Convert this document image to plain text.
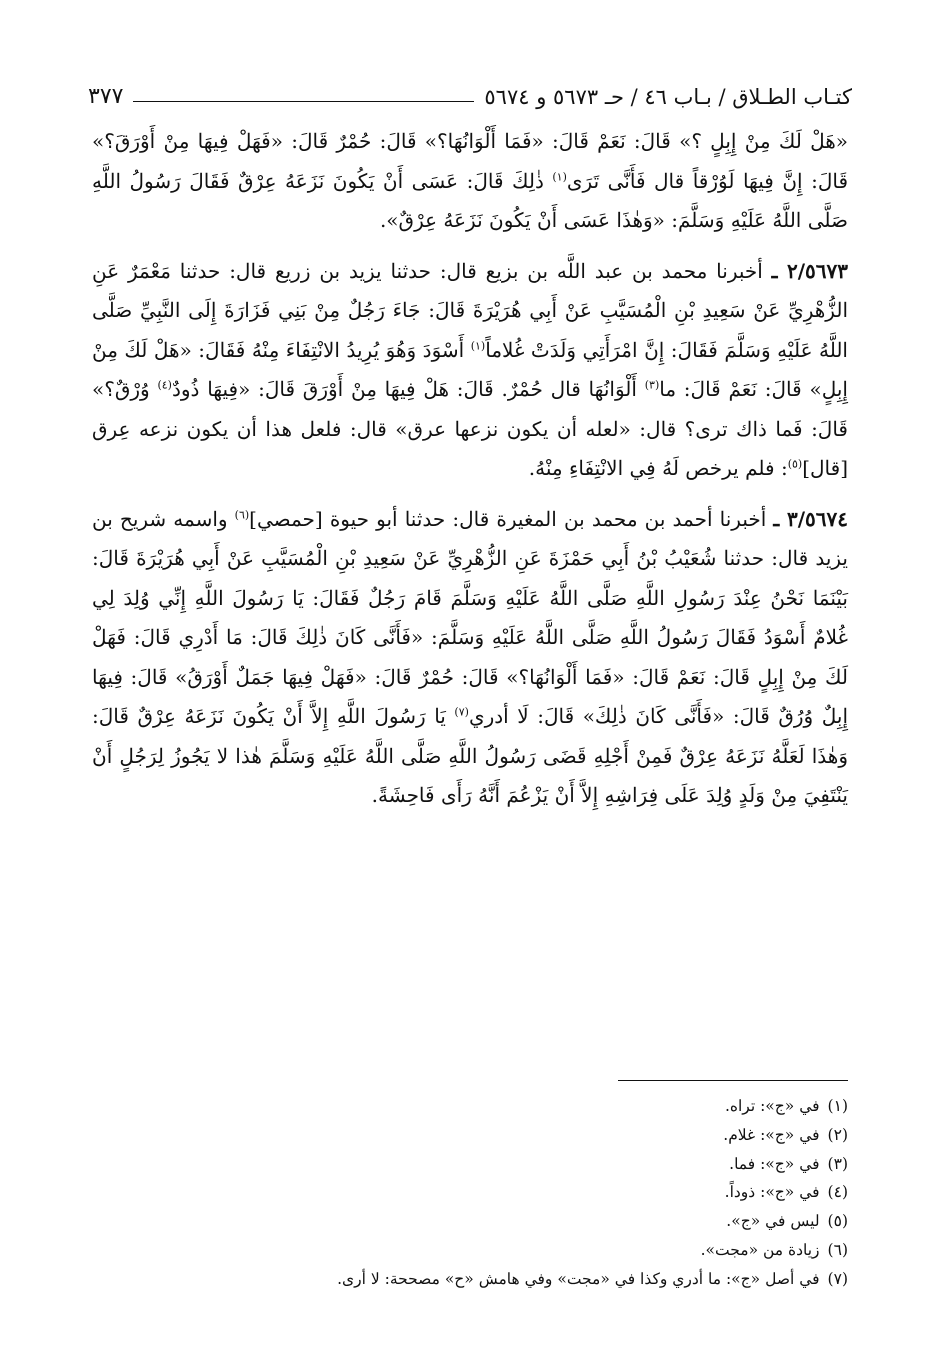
كتـاب الطـلاق / بـاب ٤٦ / حـ ٥٦٧٣ و ٥٦٧٤
٣٧٧

«هَلْ لَكَ مِنْ إِبِلٍ ؟» قَالَ: نَعَمْ قَالَ: «فَمَا أَلْوَانُهَا؟» قَالَ: حُمْرٌ قَالَ: «فَهَلْ فِيهَا مِنْ أَوْرَقَ؟» قَالَ: إِنَّ فِيهَا لَوُرْقاً قال فَأَنَّى تَرَى$^{(١)}$ ذٰلِكَ قَالَ: عَسَى أَنْ يَكُونَ نَزَعَهُ عِرْقٌ فَقَالَ رَسُولُ اللَّهِ صَلَّى اللَّهُ عَلَيْهِ وَسَلَّمَ: «وَهٰذَا عَسَى أَنْ يَكُونَ نَزَعَهُ عِرْقٌ».

٢/٥٦٧٣ ـ أخبرنا محمد بن عبد اللَّه بن بزيع قال: حدثنا يزيد بن زريع قال: حدثنا مَعْمَرٌ عَنِ الزُّهْرِيِّ عَنْ سَعِيدِ بْنِ الْمُسَيَّبِ عَنْ أَبِي هُرَيْرَةَ قَالَ: جَاءَ رَجُلٌ مِنْ بَنِي فَزَارَةَ إِلَى النَّبِيِّ صَلَّى اللَّهُ عَلَيْهِ وَسَلَّمَ فَقَالَ: إِنَّ امْرَأَتِي وَلَدَتْ غُلاماً$^{(١)}$ أَسْوَدَ وَهُوَ يُرِيدُ الانْتِفَاءَ مِنْهُ فَقَالَ: «هَلْ لَكَ مِنْ إِبِلٍ» قَالَ: نَعَمْ قَالَ: ما$^{(٣)}$ أَلْوَانُهَا قال حُمْرٌ. قَالَ: هَلْ فِيهَا مِنْ أَوْرَقَ قَالَ: «فِيهَا ذُودٌ$^{(٤)}$ وُرْقٌ؟» قَالَ: فَما ذاك ترى؟ قال: «لعله أن يكون نزعها عرق» قال: فلعل هذا أن يكون نزعه عِرق [قال]$^{(٥)}$: فلم يرخص لَهُ فِي الانْتِفَاءِ مِنْهُ.

٣/٥٦٧٤ ـ أخبرنا أحمد بن محمد بن المغيرة قال: حدثنا أبو حيوة [حمصي]$^{(٦)}$ واسمه شريح بن يزيد قال: حدثنا شُعَيْبُ بْنُ أَبِي حَمْزَةَ عَنِ الزُّهْرِيِّ عَنْ سَعِيدِ بْنِ الْمُسَيَّبِ عَنْ أَبِي هُرَيْرَةَ قَالَ: بَيْنَمَا نَحْنُ عِنْدَ رَسُولِ اللَّهِ صَلَّى اللَّهُ عَلَيْهِ وَسَلَّمَ قَامَ رَجُلٌ فَقَالَ: يَا رَسُولَ اللَّهِ إِنِّي وُلِدَ لِي غُلامٌ أَسْوَدُ فَقَالَ رَسُولُ اللَّهِ صَلَّى اللَّهُ عَلَيْهِ وَسَلَّمَ: «فَأَنَّى كَانَ ذٰلِكَ قَالَ: مَا أَدْرِي قَالَ: فَهَلْ لَكَ مِنْ إِبِلٍ قَالَ: نَعَمْ قَالَ: «فَمَا أَلْوَانُهَا؟» قَالَ: حُمْرٌ قَالَ: «فَهَلْ فِيهَا جَمَلٌ أَوْرَقُ» قَالَ: فِيهَا إِبِلٌ وُرُقٌ قَالَ: «فَأَنَّى كَانَ ذٰلِكَ» قَالَ: لَا أدري$^{(٧)}$ يَا رَسُولَ اللَّهِ إِلاَّ أَنْ يَكُونَ نَزَعَهُ عِرْقٌ قَالَ: وَهٰذَا لَعَلَّهُ نَزَعَهُ عِرْقٌ فَمِنْ أَجْلِهِ قَضَى رَسُولُ اللَّهِ صَلَّى اللَّهُ عَلَيْهِ وَسَلَّمَ هٰذا لا يَجُوزُ لِرَجُلٍ أَنْ يَنْتَفِيَ مِنْ وَلَدٍ وُلِدَ عَلَى فِرَاشِهِ إِلاَّ أَنْ يَزْعُمَ أَنَّهُ رَأَى فَاحِشَةً.

(١)في «ج»: تراه.
(٢)في «ج»: غلام.
(٣)في «ج»: فما.
(٤)في «ج»: ذوداً.
(٥)ليس في «ج».
(٦)زيادة من «مجت».
(٧)في أصل «ج»: ما أدري وكذا في «مجت» وفي هامش «ح» مصححة: لا أرى.
